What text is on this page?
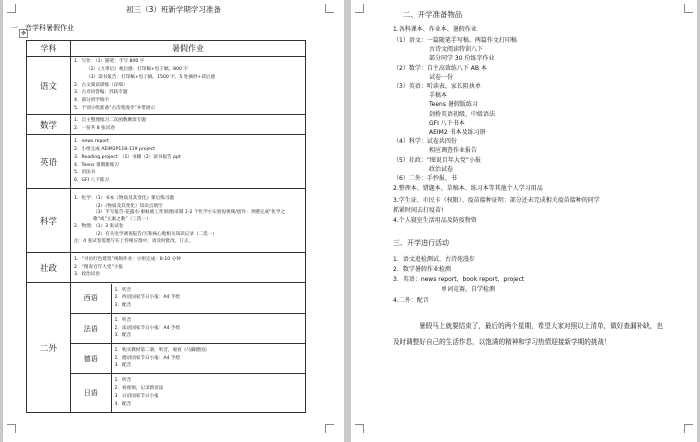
初三（3）班新学期学习准备
一、音学科暑假作业
✥
学科	暑假作业
语文	
1．写作：（1）随笔：手写 800 字
（2）《九零后》观后感：打印稿+电子稿，800 字
（3）读书报告：打印稿+电子稿，1500 字，5 处摘抄+读后感
2．古文阅读训练（详细）
3．古诗词誊编：苏轼专题
4．部分同学练字
5．个别小组准备“古诗苑漫步”并带展示

数学	
1．自主整理练习二次函数剩余专题
2．一份共 8 张试卷

英语	
1．news report
2．小组完成 AEIM2P118-119 project
3．Reading project：（1）书籍（2）读书报告 ppt
4．Teens 暑期新练习
5．语法书
6．GFI 八下练习

科学	
1．化学：（1）书本《物质及其变化》课后练习题
（2）《物质及其变化》知识点填空
（3）手写报告-花露水-驱蚊液工作原理/录制 1-2 个化学小实验短视频/创作：劝嫂完成“化学之歌”或“元素之歌”（三选一）
2．物理：（1）3 张试卷
（2）有关电学调查报告/天和核心舱相关知识记录（二选一）
注：4 张试卷需要写在上传相应群中，请及时批改、订正。

社政	
1．“寻访红色建筑”视频作业：小组完成：8-10 分钟
2．“图说百年大党”小报
3．政治试卷

二外	
西语	
1．听音
2．西语国家节日小报：A4 手绘
3．配音

法语	
1．听音
2．法语国家节日小报：A4 手绘
3．配音

德语	
1．购买教材第二册，听音，观看《马脚德国》
2．德语国家节日小报：A4 手绘
3．配音

日语	
1．听音
2．看视频，记录新语法
3．日语国家节日小报
4．配音
二、开学准备物品
1.各科课本、作业本、暑假作业
（1）语文：一篇随笔手写稿、两篇作文打印稿
古诗文阅读特训八下
部分同学 30 份练字作业
（2）数学：自主高效练八下 AB 本
试卷一份
（3）英语：听读表、家长阻执单
手稿本
Teens 暑假版练习
剑桥英语初级、中级语法
GFI 八下书本
AEIM2 书本及练习册
（4）科学：试卷共四份
相应调查作业报告
（5）社政：“图说百年大党”小报
政治试卷
（6）二外：手抄报、书
2.整理本、错题本、草稿本、练习本等其他个人学习用品
3.学生证、市民卡（权限）、疫苗接种证明：部分还未完成相关疫苗接种的同学
抓紧时间去打疫苗!
4.个人寝室生活用品及防疫物资
三、开学进行活动
1．语文追检测试、古诗苑漫步
2．数学暑假作业检测
3．英语：news report，book report，project
单词竞赛，自学检测
4.二外：配音
暑假马上就要结束了，最后的两个星期，希望大家对照以上清单，做好查漏补缺，也及时调整好自己的生活作息，以饱满的精神和学习热情迎接新学期的挑战！
